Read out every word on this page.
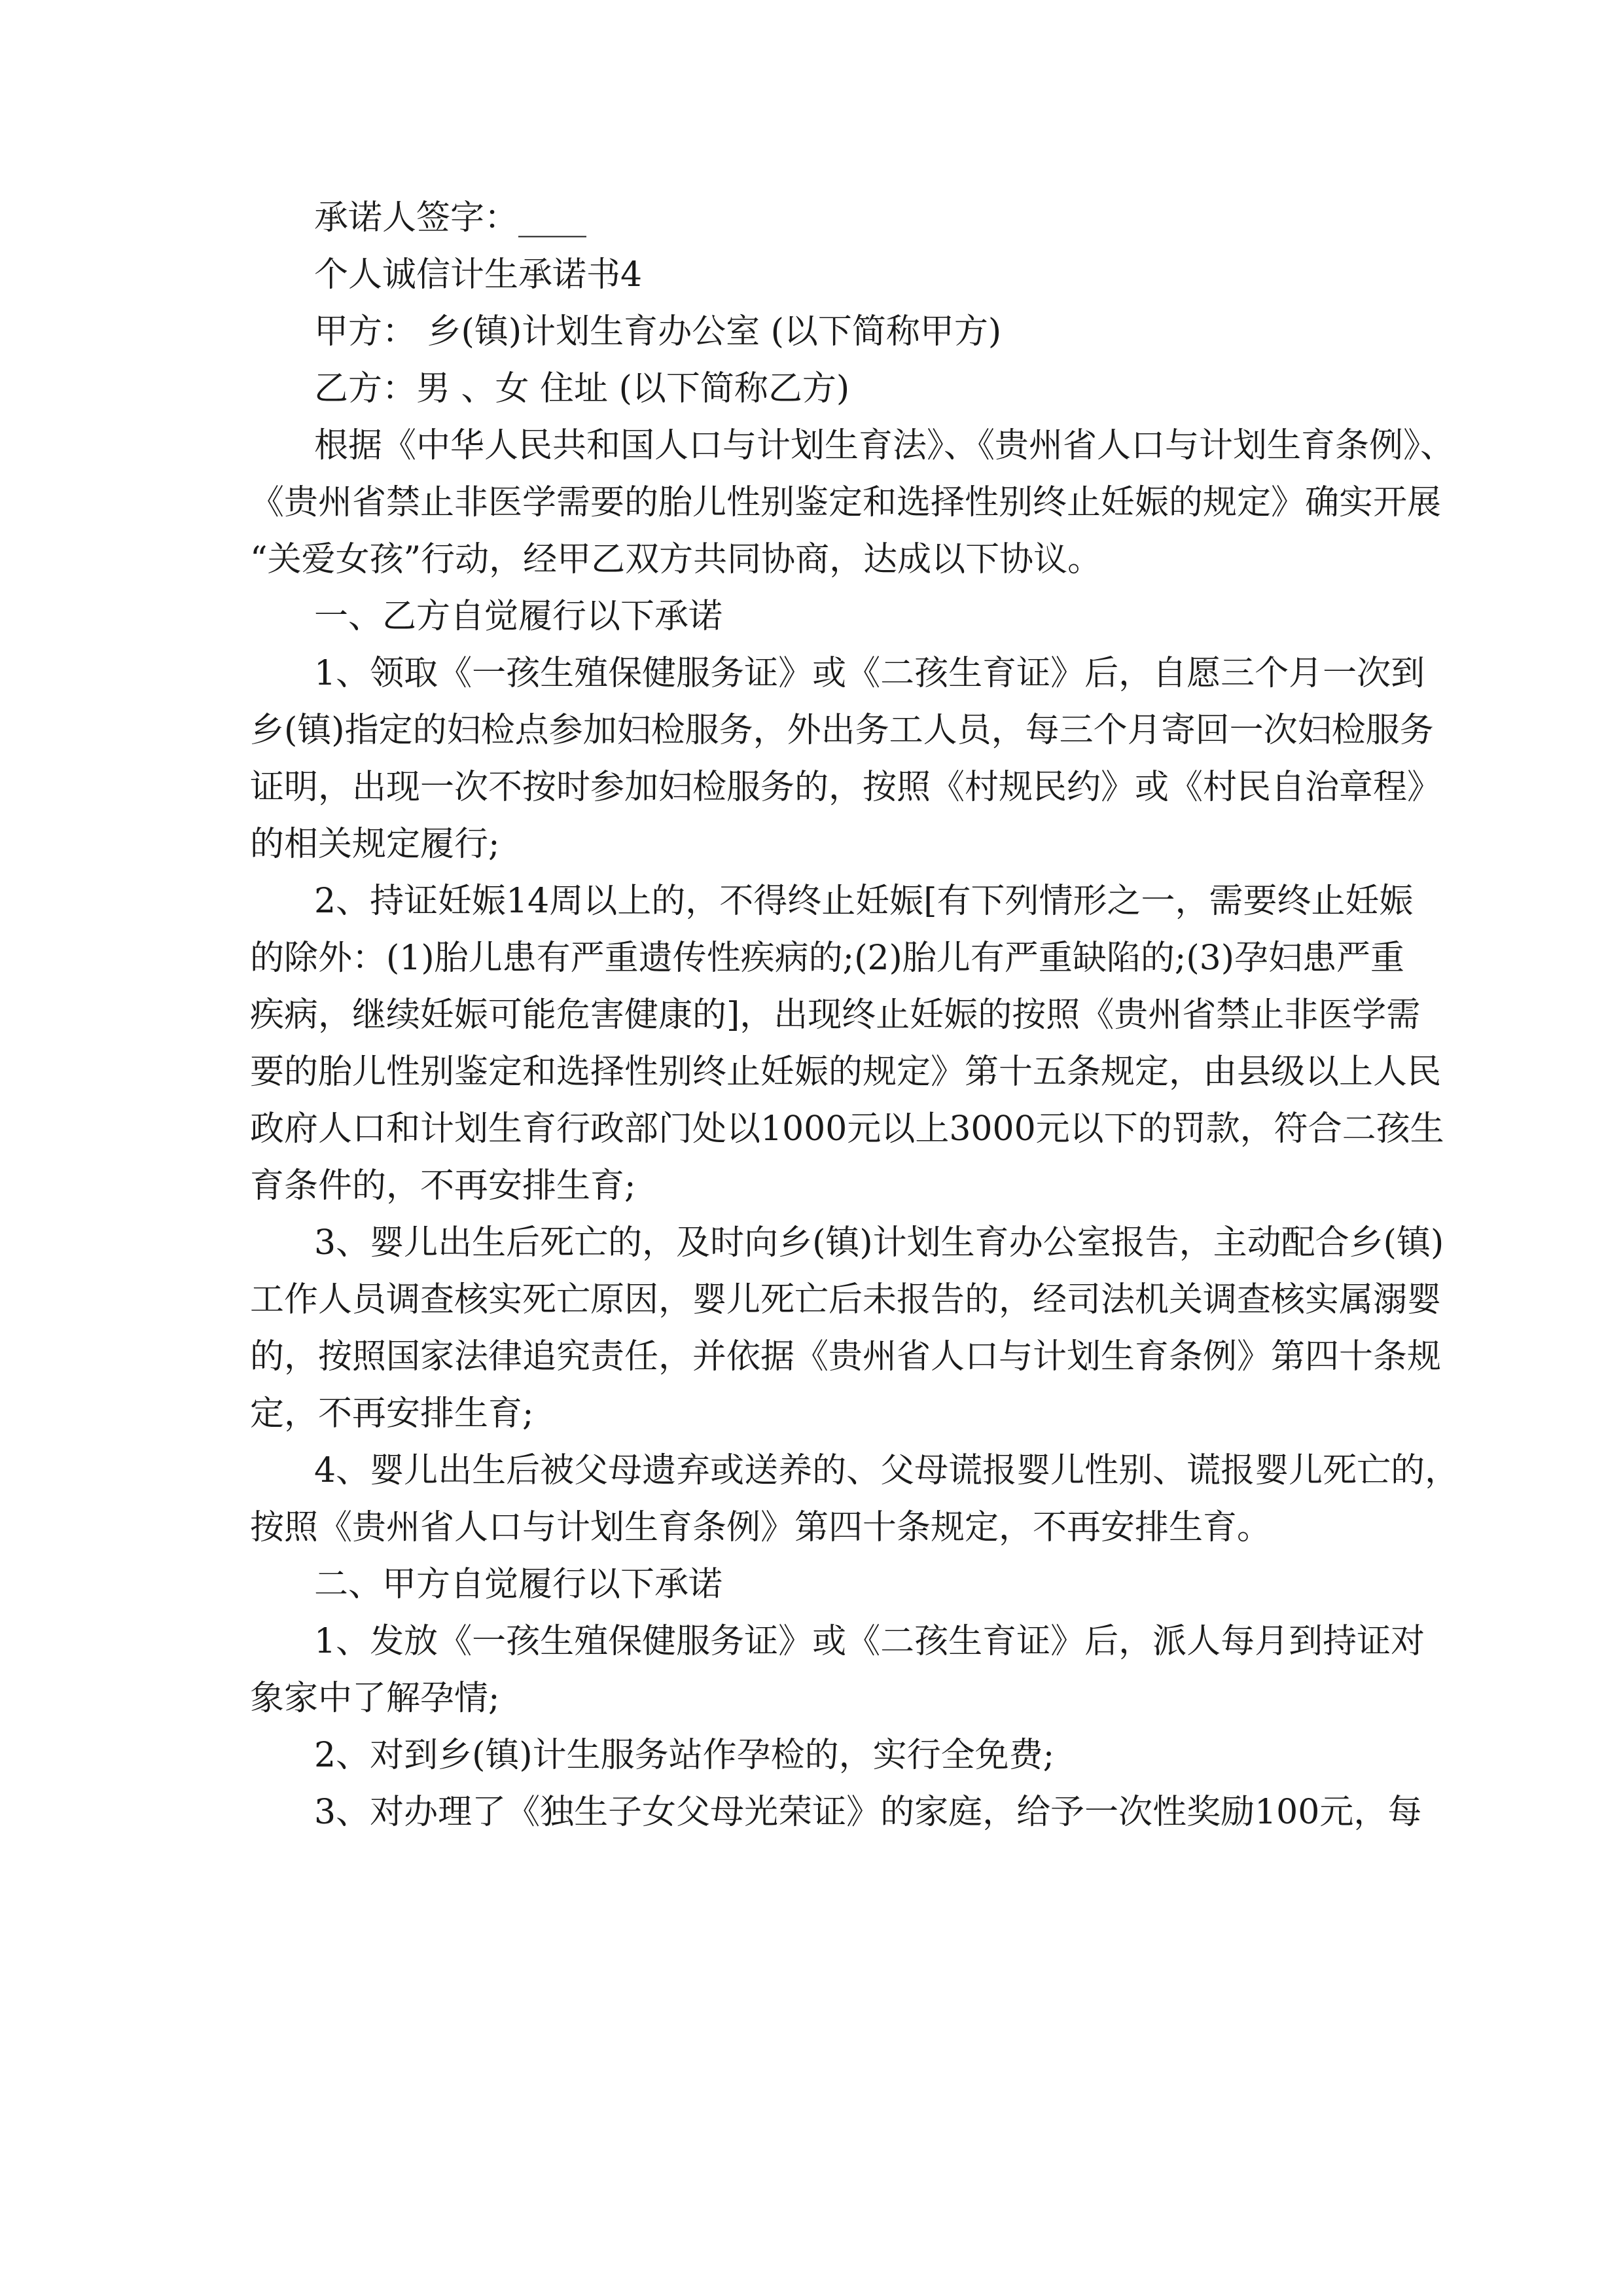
承诺人签字：____
个人诚信计生承诺书4
甲方： 乡(镇)计划生育办公室 (以下简称甲方)
乙方：男 、女 住址 (以下简称乙方)
根据《中华人民共和国人口与计划生育法》、《贵州省人口与计划生育条例》、
《贵州省禁止非医学需要的胎儿性别鉴定和选择性别终止妊娠的规定》确实开展
“关爱女孩”行动，经甲乙双方共同协商，达成以下协议。
一、乙方自觉履行以下承诺
1、领取《一孩生殖保健服务证》或《二孩生育证》后，自愿三个月一次到
乡(镇)指定的妇检点参加妇检服务，外出务工人员，每三个月寄回一次妇检服务
证明，出现一次不按时参加妇检服务的，按照《村规民约》或《村民自治章程》
的相关规定履行;
2、持证妊娠14周以上的，不得终止妊娠[有下列情形之一，需要终止妊娠
的除外：(1)胎儿患有严重遗传性疾病的;(2)胎儿有严重缺陷的;(3)孕妇患严重
疾病，继续妊娠可能危害健康的]，出现终止妊娠的按照《贵州省禁止非医学需
要的胎儿性别鉴定和选择性别终止妊娠的规定》第十五条规定，由县级以上人民
政府人口和计划生育行政部门处以1000元以上3000元以下的罚款，符合二孩生
育条件的，不再安排生育;
3、婴儿出生后死亡的，及时向乡(镇)计划生育办公室报告，主动配合乡(镇)
工作人员调查核实死亡原因，婴儿死亡后未报告的，经司法机关调查核实属溺婴
的，按照国家法律追究责任，并依据《贵州省人口与计划生育条例》第四十条规
定，不再安排生育;
4、婴儿出生后被父母遗弃或送养的、父母谎报婴儿性别、谎报婴儿死亡的，
按照《贵州省人口与计划生育条例》第四十条规定，不再安排生育。
二、甲方自觉履行以下承诺
1、发放《一孩生殖保健服务证》或《二孩生育证》后，派人每月到持证对
象家中了解孕情;
2、对到乡(镇)计生服务站作孕检的，实行全免费;
3、对办理了《独生子女父母光荣证》的家庭，给予一次性奖励100元，每
